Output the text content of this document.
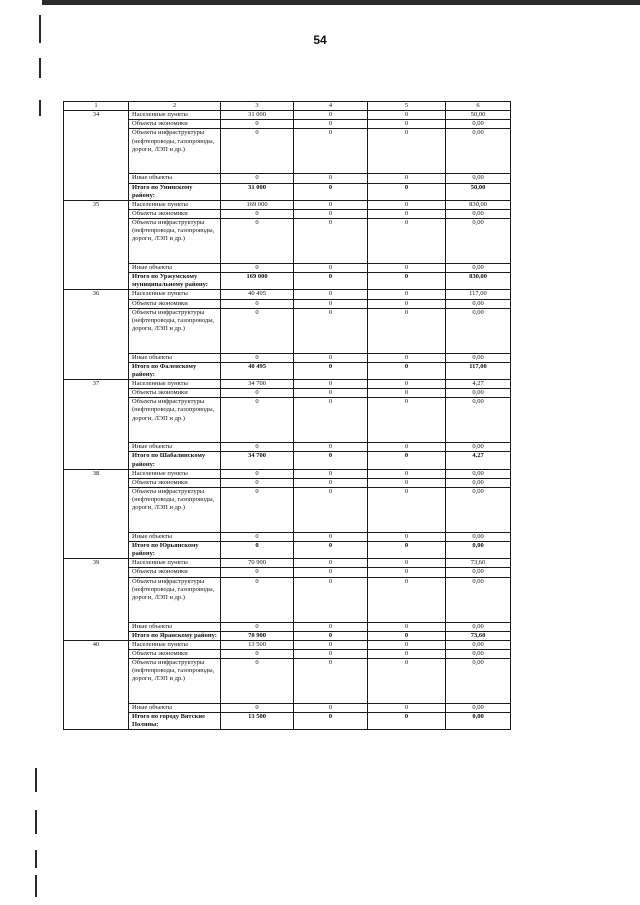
54
1	2	3	4	5	6
34	Населенные пункты	31 000	0	0	50,00
	Объекты экономики	0	0	0	0,00
	Объекты инфраструктуры (нефтепроводы, газопроводы, дороги, ЛЭП и др.)	0	0	0	0,00
	Иные объекты	0	0	0	0,00
	Итого по Унинскому району:	31 000	0	0	50,00
35	Населенные пункты	169 000	0	0	830,00
	Объекты экономики	0	0	0	0,00
	Объекты инфраструктуры (нефтепроводы, газопроводы, дороги, ЛЭП и др.)	0	0	0	0,00
	Иные объекты	0	0	0	0,00
	Итого по Уржумскому муниципальному району:	169 000	0	0	830,00
36	Населенные пункты	40 495	0	0	117,00
	Объекты экономики	0	0	0	0,00
	Объекты инфраструктуры (нефтепроводы, газопроводы, дороги, ЛЭП и др.)	0	0	0	0,00
	Иные объекты	0	0	0	0,00
	Итого по Фаленскому району:	40 495	0	0	117,00
37	Населенные пункты	34 700	0	0	4,27
	Объекты экономики	0	0	0	0,00
	Объекты инфраструктуры (нефтепроводы, газопроводы, дороги, ЛЭП и др.)	0	0	0	0,00
	Иные объекты	0	0	0	0,00
	Итого по Шабалинскому району:	34 700	0	0	4,27
38	Населенные пункты	0	0	0	0,00
	Объекты экономики	0	0	0	0,00
	Объекты инфраструктуры (нефтепроводы, газопроводы, дороги, ЛЭП и др.)	0	0	0	0,00
	Иные объекты	0	0	0	0,00
	Итого по Юрьянскому району:	0	0	0	0,00
39	Населенные пункты	70 900	0	0	73,60
	Объекты экономики	0	0	0	0,00
	Объекты инфраструктуры (нефтепроводы, газопроводы, дороги, ЛЭП и др.)	0	0	0	0,00
	Иные объекты	0	0	0	0,00
	Итого по Яранскому району:	70 900	0	0	73,60
40	Населенные пункты	13 500	0	0	0,00
	Объекты экономики	0	0	0	0,00
	Объекты инфраструктуры (нефтепроводы, газопроводы, дороги, ЛЭП и др.)	0	0	0	0,00
	Иные объекты	0	0	0	0,00
	Итого по городу Вятские Поляны:	13 500	0	0	0,00
